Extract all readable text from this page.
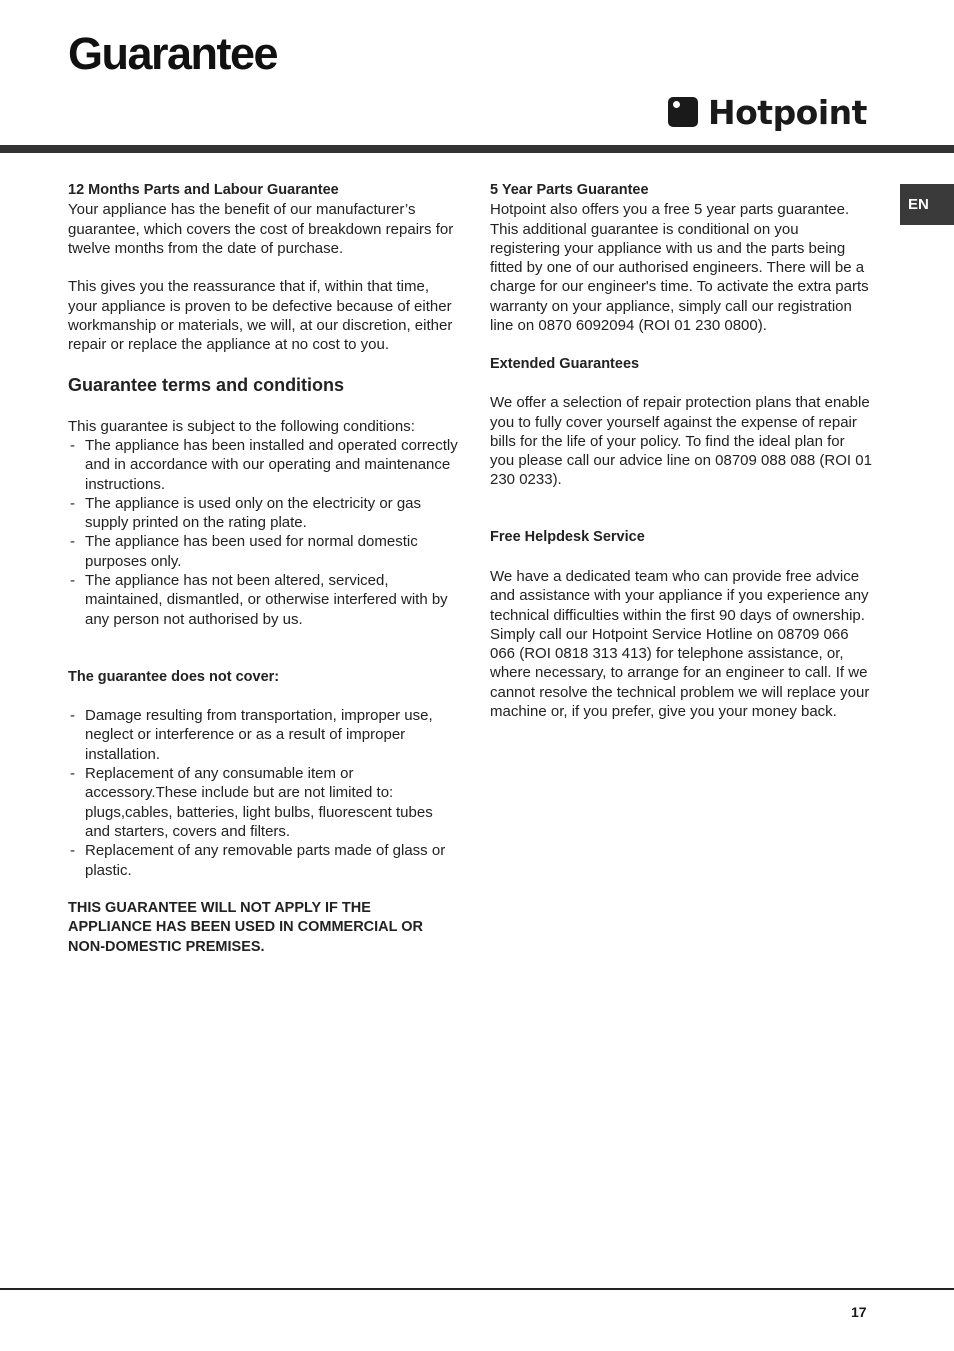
Guarantee
Hotpoint
EN

12 Months Parts and Labour Guarantee

Your appliance has the benefit of our manufacturer’s guarantee, which covers the cost of breakdown repairs for twelve months from the date of purchase.

This gives you the reassurance that if, within that time, your appliance is proven to be defective because of either workmanship or materials, we will, at our discretion, either repair or replace the appliance at no cost to you.

Guarantee terms and conditions

This guarantee is subject to the following conditions:

- The appliance has been installed and operated correctly and in accordance with our operating and maintenance instructions.
- The appliance is used only on the electricity or gas supply printed on the rating plate.
- The appliance has been used for normal domestic purposes only.
- The appliance has not been altered, serviced, maintained, dismantled, or otherwise interfered with by any person not authorised by us.

The guarantee does not cover:

- Damage resulting from transportation, improper use, neglect or interference or as a result of improper installation.
- Replacement of any consumable item or accessory.These include but are not limited to: plugs,cables, batteries, light bulbs, fluorescent tubes and starters, covers and filters.
- Replacement of any removable parts made of glass or plastic.

THIS GUARANTEE WILL NOT APPLY IF THE APPLIANCE HAS BEEN USED IN COMMERCIAL OR NON-DOMESTIC PREMISES.

5 Year Parts Guarantee

Hotpoint also offers you a free 5 year parts guarantee. This additional guarantee is conditional on you registering your appliance with us and the parts being fitted by one of our authorised engineers. There will be a charge for our engineer's time. To activate the extra parts warranty on your appliance, simply call our registration line on 0870 6092094 (ROI 01 230 0800).

Extended Guarantees

We offer a selection of repair protection plans that enable you to fully cover yourself against the expense of repair bills for the life of your policy. To find the ideal plan for you please call our advice line on 08709 088 088 (ROI 01 230 0233).

Free Helpdesk Service

We have a dedicated team who can provide free advice and assistance with your appliance if you experience any technical difficulties within the first 90 days of ownership. Simply call our Hotpoint Service Hotline on 08709 066 066 (ROI 0818 313 413) for telephone assistance, or, where necessary, to arrange for an engineer to call. If we cannot resolve the technical problem we will replace your machine or, if you prefer, give you your money back.

17
